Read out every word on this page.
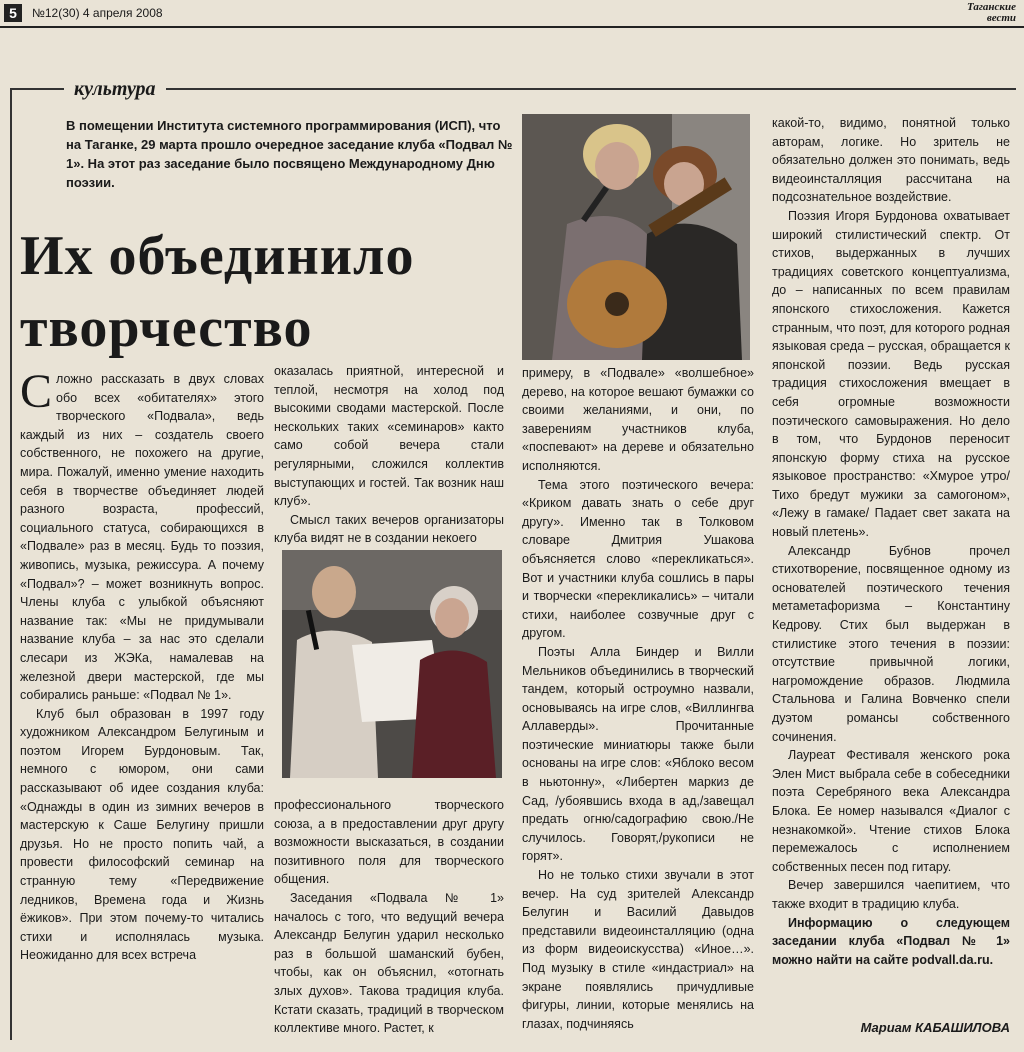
5	№12(30) 4 апреля 2008	Таганские
вести
культура
В помещении Института системного программирования (ИСП), что на Таганке, 29 марта прошло очередное заседание клуба «Подвал № 1». На этот раз заседание было посвящено Международному Дню поэзии.
Их объединило
творчество

Сложно рассказать в двух словах обо всех «обитателях» этого творческого «Подвала», ведь каждый из них – создатель своего собственного, не похожего на другие, мира. Пожалуй, именно умение находить себя в творчестве объединяет людей разного возраста, профессий, социального статуса, собирающихся в «Подвале» раз в месяц. Будь то поэзия, живопись, музыка, режиссура. А почему «Подвал»? – может возникнуть вопрос. Члены клуба с улыбкой объясняют название так: «Мы не придумывали название клуба – за нас это сделали слесари из ЖЭКа, намалевав на железной двери мастерской, где мы собирались раньше: «Подвал № 1».

Клуб был образован в 1997 году художником Александром Белугиным и поэтом Игорем Бурдоновым. Так, немного с юмором, они сами рассказывают об идее создания клуба: «Однажды в один из зимних вечеров в мастерскую к Саше Белугину пришли друзья. Но не просто попить чай, а провести философский семинар на странную тему «Передвижение ледников, Времена года и Жизнь ёжиков». При этом почему-то читались стихи и исполнялась музыка. Неожиданно для всех встреча

оказалась приятной, интересной и теплой, несмотря на холод под высокими сводами мастерской. После нескольких таких «семинаров» както само собой вечера стали регулярными, сложился коллектив выступающих и гостей. Так возник наш клуб».

Смысл таких вечеров организаторы клуба видят не в создании некоего

профессионального творческого союза, а в предоставлении друг другу возможности высказаться, в создании позитивного поля для творческого общения.

Заседания «Подвала № 1» началось с того, что ведущий вечера Александр Белугин ударил несколько раз в большой шаманский бубен, чтобы, как он объяснил, «отогнать злых духов». Такова традиция клуба. Кстати сказать, традиций в творческом коллективе много. Растет, к

примеру, в «Подвале» «волшебное» дерево, на которое вешают бумажки со своими желаниями, и они, по заверениям участников клуба, «поспевают» на дереве и обязательно исполняются.

Тема этого поэтического вечера: «Криком давать знать о себе друг другу». Именно так в Толковом словаре Дмитрия Ушакова объясняется слово «перекликаться». Вот и участники клуба сошлись в пары и творчески «перекликались» – читали стихи, наиболее созвучные друг с другом.

Поэты Алла Биндер и Вилли Мельников объединились в творческий тандем, который остроумно назвали, основываясь на игре слов, «Виллингва Аллаверды». Прочитанные поэтические миниатюры также были основаны на игре слов: «Яблоко весом в ньютонну», «Либертен маркиз де Сад, /убоявшись входа в ад,/завещал предать огню/садографию свою./Не случилось. Говорят,/рукописи не горят».

Но не только стихи звучали в этот вечер. На суд зрителей Александр Белугин и Василий Давыдов представили видеоинсталляцию (одна из форм видеоискусства) «Иное…». Под музыку в стиле «индастриал» на экране появлялись причудливые фигуры, линии, которые менялись на глазах, подчиняясь

какой-то, видимо, понятной только авторам, логике. Но зритель не обязательно должен это понимать, ведь видеоинсталляция рассчитана на подсознательное воздействие.

Поэзия Игоря Бурдонова охватывает широкий стилистический спектр. От стихов, выдержанных в лучших традициях советского концептуализма, до – написанных по всем правилам японского стихосложения. Кажется странным, что поэт, для которого родная языковая среда – русская, обращается к японской поэзии. Ведь русская традиция стихосложения вмещает в себя огромные возможности поэтического самовыражения. Но дело в том, что Бурдонов переносит японскую форму стиха на русское языковое пространство: «Хмурое утро/ Тихо бредут мужики за самогоном», «Лежу в гамаке/ Падает свет заката на новый плетень».

Александр Бубнов прочел стихотворение, посвященное одному из основателей поэтического течения метаметафоризма – Константину Кедрову. Стих был выдержан в стилистике этого течения в поэзии: отсутствие привычной логики, нагромождение образов. Людмила Стальнова и Галина Вовченко спели дуэтом романсы собственного сочинения.

Лауреат Фестиваля женского рока Элен Мист выбрала себе в собеседники поэта Серебряного века Александра Блока. Ее номер назывался «Диалог с незнакомкой». Чтение стихов Блока перемежалось с исполнением собственных песен под гитару.

Вечер завершился чаепитием, что также входит в традицию клуба.

Информацию о следующем заседании клуба «Подвал № 1» можно найти на сайте podvall.da.ru.

Мариам КАБАШИЛОВА
